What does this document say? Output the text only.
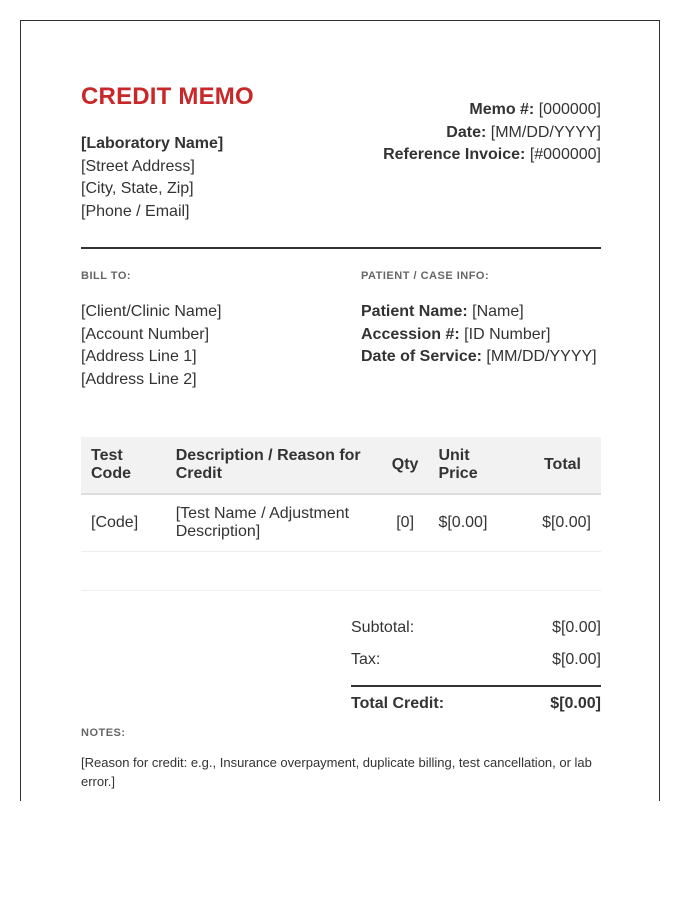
CREDIT MEMO
[Laboratory Name]
[Street Address]
[City, State, Zip]
[Phone / Email]
Memo #: [000000]
Date: [MM/DD/YYYY]
Reference Invoice: [#000000]
BILL TO:	PATIENT / CASE INFO:
[Client/Clinic Name]
[Account Number]
[Address Line 1]
[Address Line 2]
Patient Name: [Name]
Accession #: [ID Number]
Date of Service: [MM/DD/YYYY]
Test Code	Description / Reason for Credit	Qty	Unit Price	Total
[Code]	[Test Name / Adjustment Description]	[0]	$[0.00]	$[0.00]
Subtotal:	$[0.00]
Tax:	$[0.00]
Total Credit:	$[0.00]
NOTES:
[Reason for credit: e.g., Insurance overpayment, duplicate billing, test cancellation, or lab error.]
